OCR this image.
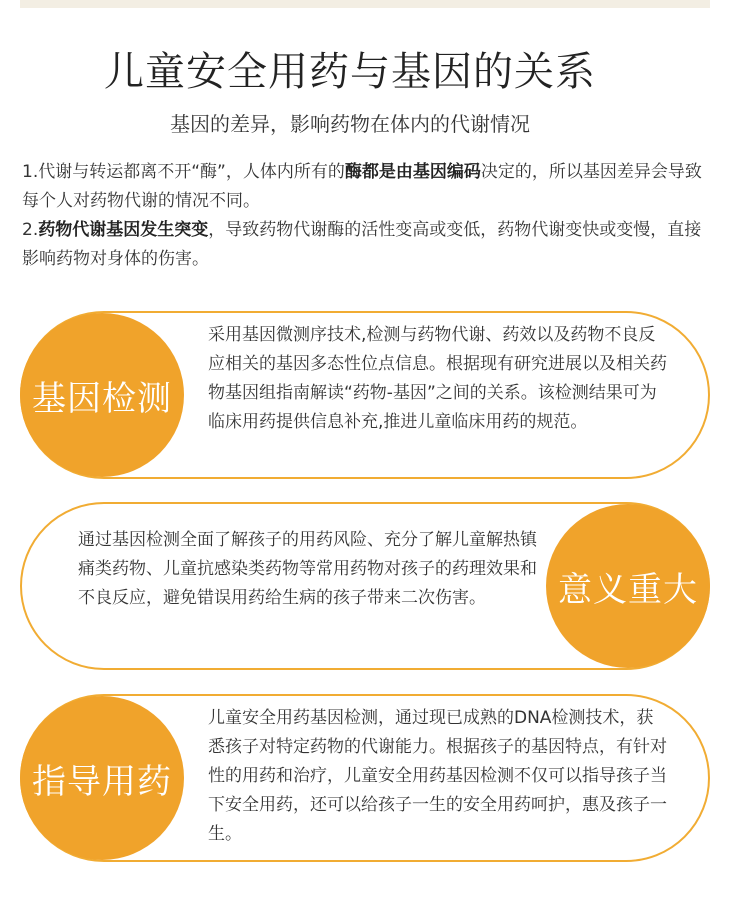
儿童安全用药与基因的关系
基因的差异，影响药物在体内的代谢情况

1.代谢与转运都离不开“酶”，人体内所有的酶都是由基因编码决定的，所以基因差异会导致每个人对药物代谢的情况不同。

2.药物代谢基因发生突变，导致药物代谢酶的活性变高或变低，药物代谢变快或变慢，直接影响药物对身体的伤害。

基因检测
采用基因微测序技术,检测与药物代谢、药效以及药物不良反应相关的基因多态性位点信息。根据现有研究进展以及相关药物基因组指南解读“药物-基因”之间的关系。该检测结果可为临床用药提供信息补充,推进儿童临床用药的规范。
意义重大
通过基因检测全面了解孩子的用药风险、充分了解儿童解热镇痛类药物、儿童抗感染类药物等常用药物对孩子的药理效果和不良反应，避免错误用药给生病的孩子带来二次伤害。
指导用药
儿童安全用药基因检测，通过现已成熟的DNA检测技术，获悉孩子对特定药物的代谢能力。根据孩子的基因特点，有针对性的用药和治疗，儿童安全用药基因检测不仅可以指导孩子当下安全用药，还可以给孩子一生的安全用药呵护，惠及孩子一生。
